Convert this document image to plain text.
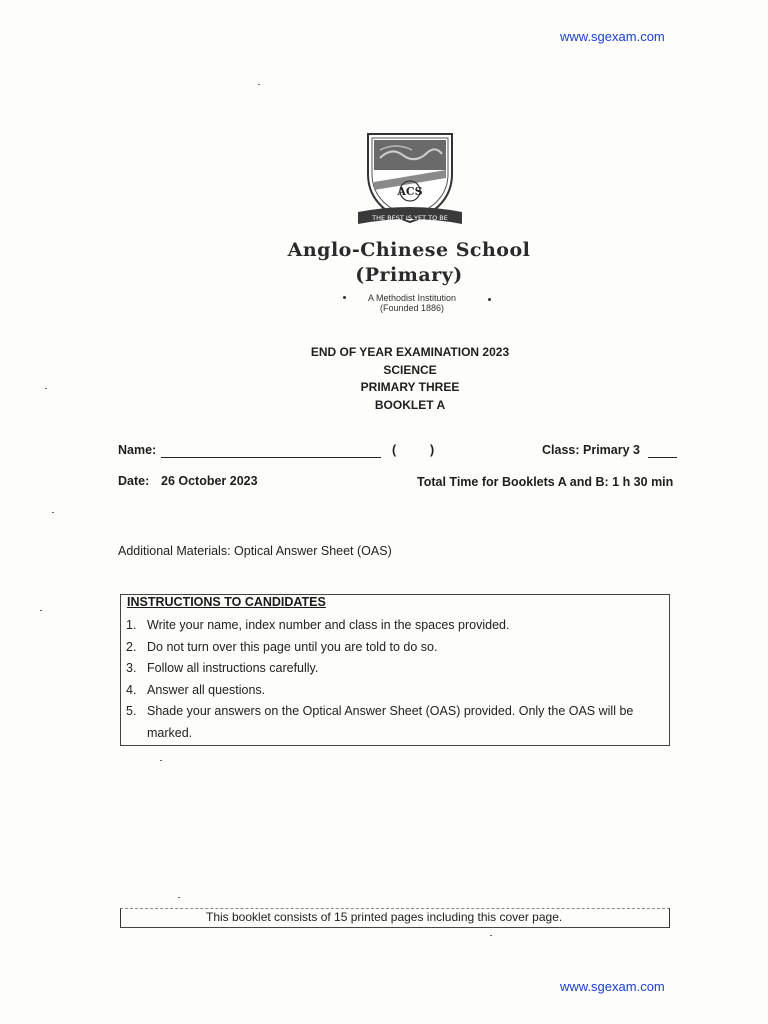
www.sgexam.com
ACS
THE BEST IS YET TO BE
Anglo-Chinese School
(Primary)
A Methodist Institution
(Founded 1886)
END OF YEAR EXAMINATION 2023
SCIENCE
PRIMARY THREE
BOOKLET A
Name:	(	)	Class: Primary 3
Date: 26 October 2023	Total Time for Booklets A and B: 1 h 30 min
Additional Materials: Optical Answer Sheet (OAS)
INSTRUCTIONS TO CANDIDATES
1. Write your name, index number and class in the spaces provided.
2. Do not turn over this page until you are told to do so.
3. Follow all instructions carefully.
4. Answer all questions.
5. Shade your answers on the Optical Answer Sheet (OAS) provided. Only the OAS will be marked.
This booklet consists of 15 printed pages including this cover page.
www.sgexam.com
